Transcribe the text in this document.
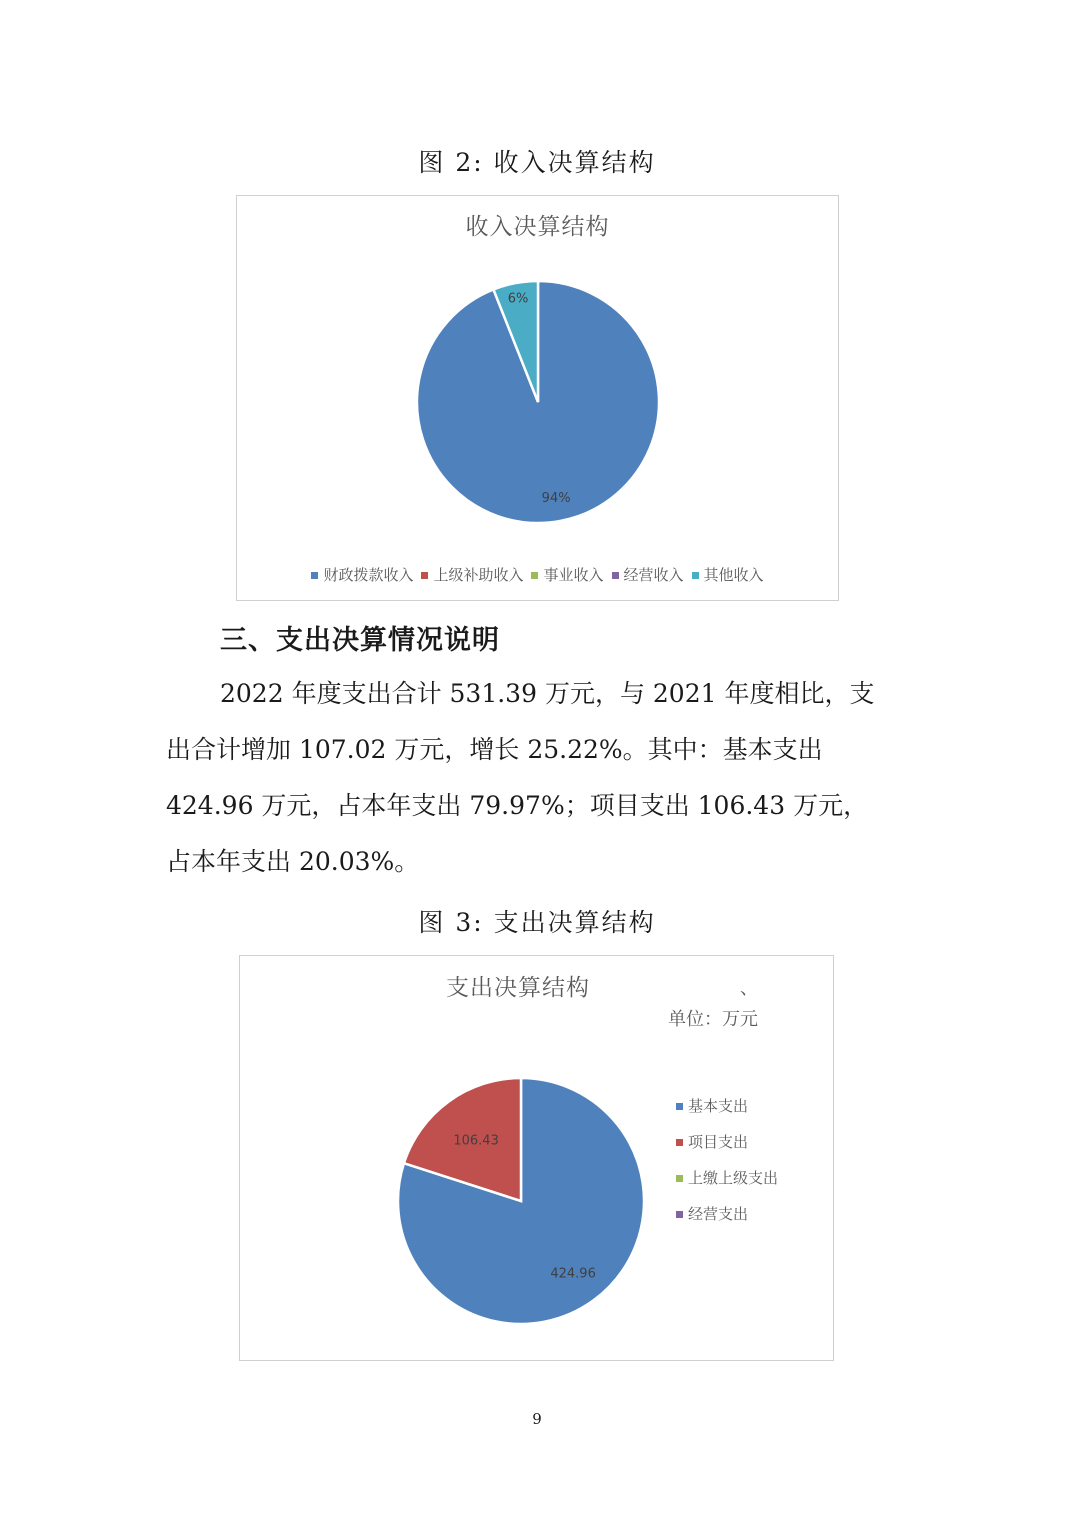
图 2: 收入决算结构
收入决算结构
94%
6%
财政拨款收入 上级补助收入 事业收入 经营收入 其他收入
三、支出决算情况说明
2022 年度支出合计 531.39 万元，与 2021 年度相比，支
出合计增加 107.02 万元，增长 25.22%。其中：基本支出
424.96 万元，占本年支出 79.97%；项目支出 106.43 万元，
占本年支出 20.03%。
图 3: 支出决算结构
支出决算结构	、
单位：万元
424.96
106.43
基本支出
项目支出
上缴上级支出
经营支出
9
